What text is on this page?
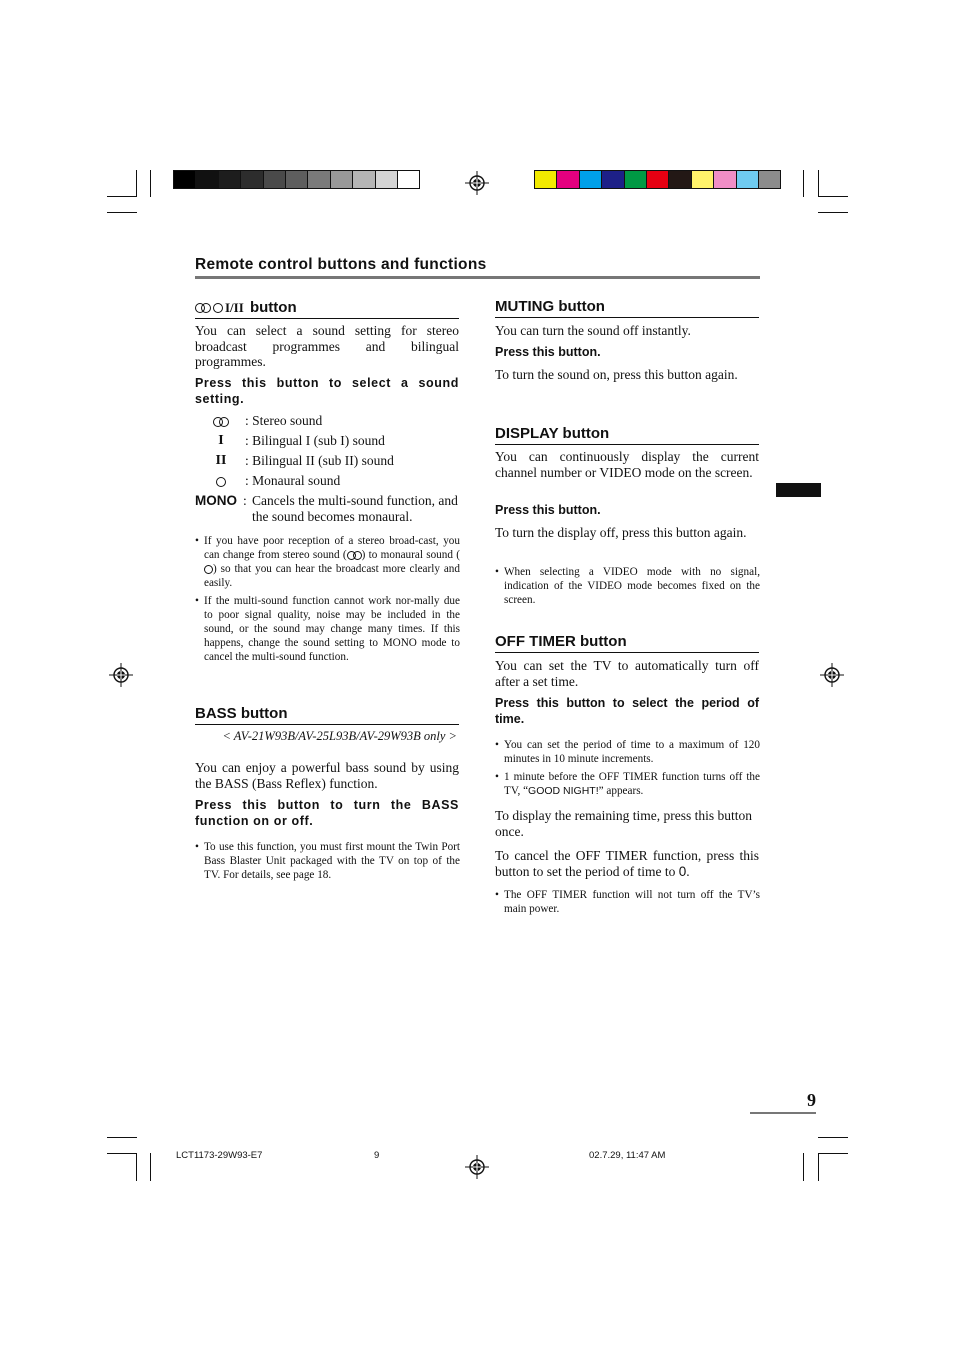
Remote control buttons and functions
I/II button
You can select a sound setting for stereo broadcast programmes and bilingual programmes.
Press this button to select a sound setting.
: Stereo sound
I	: Bilingual I (sub I) sound
II	: Bilingual II (sub II) sound
: Monaural sound
MONO : Cancels the multi-sound function, and the sound becomes monaural.
• If you have poor reception of a stereo broad-cast, you can change from stereo sound ( ) to monaural sound () so that you can hear the broadcast more clearly and easily.
• If the multi-sound function cannot work nor-mally due to poor signal quality, noise may be included in the sound, or the sound may change many times. If this happens, change the sound setting to MONO mode to cancel the multi-sound function.
BASS button
< AV-21W93B/AV-25L93B/AV-29W93B only >
You can enjoy a powerful bass sound by using the BASS (Bass Reflex) function.
Press this button to turn the BASS function on or off.
• To use this function, you must first mount the Twin Port Bass Blaster Unit packaged with the TV on top of the TV. For details, see page 18.
MUTING button
You can turn the sound off instantly.
Press this button.
To turn the sound on, press this button again.
DISPLAY button
You can continuously display the current channel number or VIDEO mode on the screen.
Press this button.
To turn the display off, press this button again.
• When selecting a VIDEO mode with no signal, indication of the VIDEO mode becomes fixed on the screen.
OFF TIMER button
You can set the TV to automatically turn off after a set time.
Press this button to select the period of time.
• You can set the period of time to a maximum of 120 minutes in 10 minute increments.
• 1 minute before the OFF TIMER function turns off the TV, “GOOD NIGHT!” appears.
To display the remaining time, press this button once.
To cancel the OFF TIMER function, press this button to set the period of time to 0.
• The OFF TIMER function will not turn off the TV’s main power.
9
LCT1173-29W93-E7	9	02.7.29, 11:47 AM
